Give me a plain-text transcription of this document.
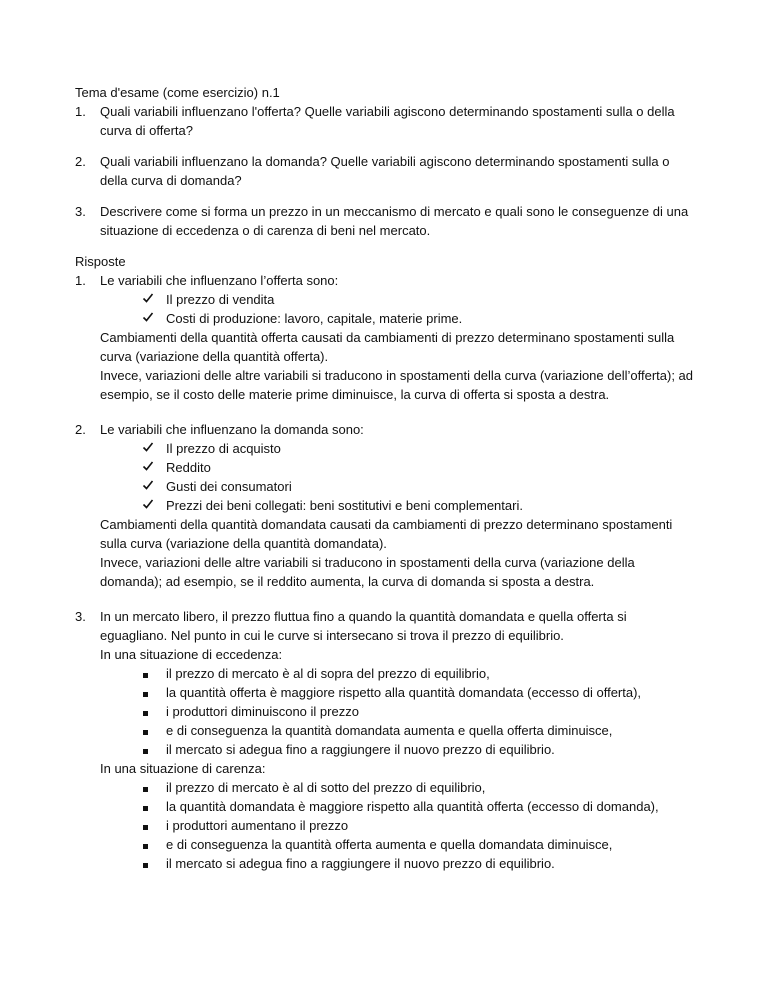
Tema d'esame (come esercizio) n.1

1. Quali variabili influenzano l'offerta? Quelle variabili agiscono determinando spostamenti sulla o della curva di offerta?
2. Quali variabili influenzano la domanda? Quelle variabili agiscono determinando spostamenti sulla o della curva di domanda?
3. Descrivere come si forma un prezzo in un meccanismo di mercato e quali sono le conseguenze di una situazione di eccedenza o di carenza di beni nel mercato.

Risposte

1. Le variabili che influenzano l’offerta sono:

Il prezzo di vendita
Costi di produzione: lavoro, capitale, materie prime.

Cambiamenti della quantità offerta causati da cambiamenti di prezzo determinano spostamenti sulla curva (variazione della quantità offerta).

Invece, variazioni delle altre variabili si traducono in spostamenti della curva (variazione dell’offerta); ad esempio, se il costo delle materie prime diminuisce, la curva di offerta si sposta a destra.

2. Le variabili che influenzano la domanda sono:

Il prezzo di acquisto
Reddito
Gusti dei consumatori
Prezzi dei beni collegati: beni sostitutivi e beni complementari.

Cambiamenti della quantità domandata causati da cambiamenti di prezzo determinano spostamenti sulla curva (variazione della quantità domandata).

Invece, variazioni delle altre variabili si traducono in spostamenti della curva (variazione della domanda); ad esempio, se il reddito aumenta, la curva di domanda si sposta a destra.

3. In un mercato libero, il prezzo fluttua fino a quando la quantità domandata e quella offerta si eguagliano. Nel punto in cui le curve si intersecano si trova il prezzo di equilibrio.

In una situazione di eccedenza:

il prezzo di mercato è al di sopra del prezzo di equilibrio,
la quantità offerta è maggiore rispetto alla quantità domandata (eccesso di offerta),
i produttori diminuiscono il prezzo
e di conseguenza la quantità domandata aumenta e quella offerta diminuisce,
il mercato si adegua fino a raggiungere il nuovo prezzo di equilibrio.

In una situazione di carenza:

il prezzo di mercato è al di sotto del prezzo di equilibrio,
la quantità domandata è maggiore rispetto alla quantità offerta (eccesso di domanda),
i produttori aumentano il prezzo
e di conseguenza la quantità offerta aumenta e quella domandata diminuisce,
il mercato si adegua fino a raggiungere il nuovo prezzo di equilibrio.
